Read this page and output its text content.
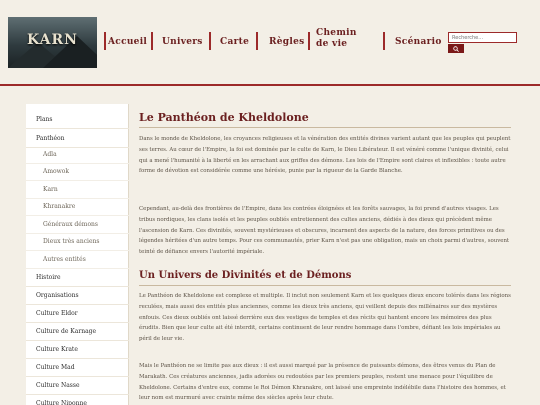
KARN	Accueil Univers Carte Règles
Chemin de vie	Scénario
Recherche...
Plans
Panthéon
Adla
Amowok
Karn
Khranakre
Généraux démons
Dieux très anciens
Autres entités
Histoire
Organisations
Culture Eldor
Culture de Karnage
Culture Krate
Culture Mad
Culture Nasse
Culture Niponne
Le Panthéon de Kheldolone
Dans le monde de Kheldolone, les croyances religieuses et la vénération des entités divines varient autant que les peuples qui peuplent ses terres. Au cœur de l'Empire, la foi est dominée par le culte de Karn, le Dieu Libérateur. Il est vénéré comme l'unique divinité, celui qui a mené l'humanité à la liberté en les arrachant aux griffes des démons. Les lois de l'Empire sont claires et inflexibles : toute autre forme de dévotion est considérée comme une hérésie, punie par la rigueur de la Garde Blanche.
Cependant, au-delà des frontières de l'Empire, dans les contrées éloignées et les forêts sauvages, la foi prend d'autres visages. Les tribus nordiques, les clans isolés et les peuples oubliés entretiennent des cultes anciens, dédiés à des dieux qui précèdent même l'ascension de Karn. Ces divinités, souvent mystérieuses et obscures, incarnent des aspects de la nature, des forces primitives ou des légendes héritées d'un autre temps. Pour ces communautés, prier Karn n'est pas une obligation, mais un choix parmi d'autres, souvent teinté de défiance envers l'autorité impériale.
Un Univers de Divinités et de Démons
Le Panthéon de Kheldolone est complexe et multiple. Il inclut non seulement Karn et les quelques dieux encore tolérés dans les régions reculées, mais aussi des entités plus anciennes, comme les dieux très anciens, qui veillent depuis des millénaires sur des mystères enfouis. Ces dieux oubliés ont laissé derrière eux des vestiges de temples et des récits qui hantent encore les mémoires des plus érudits. Bien que leur culte ait été interdit, certains continuent de leur rendre hommage dans l'ombre, défiant les lois impériales au péril de leur vie.
Mais le Panthéon ne se limite pas aux dieux : il est aussi marqué par la présence de puissants démons, des êtres venus du Plan de Marakath. Ces créatures anciennes, jadis adorées ou redoutées par les premiers peuples, restent une menace pour l'équilibre de Kheldolone. Certains d'entre eux, comme le Roi Démon Khranakre, ont laissé une empreinte indélébile dans l'histoire des hommes, et leur nom est murmuré avec crainte même des siècles après leur chute.
